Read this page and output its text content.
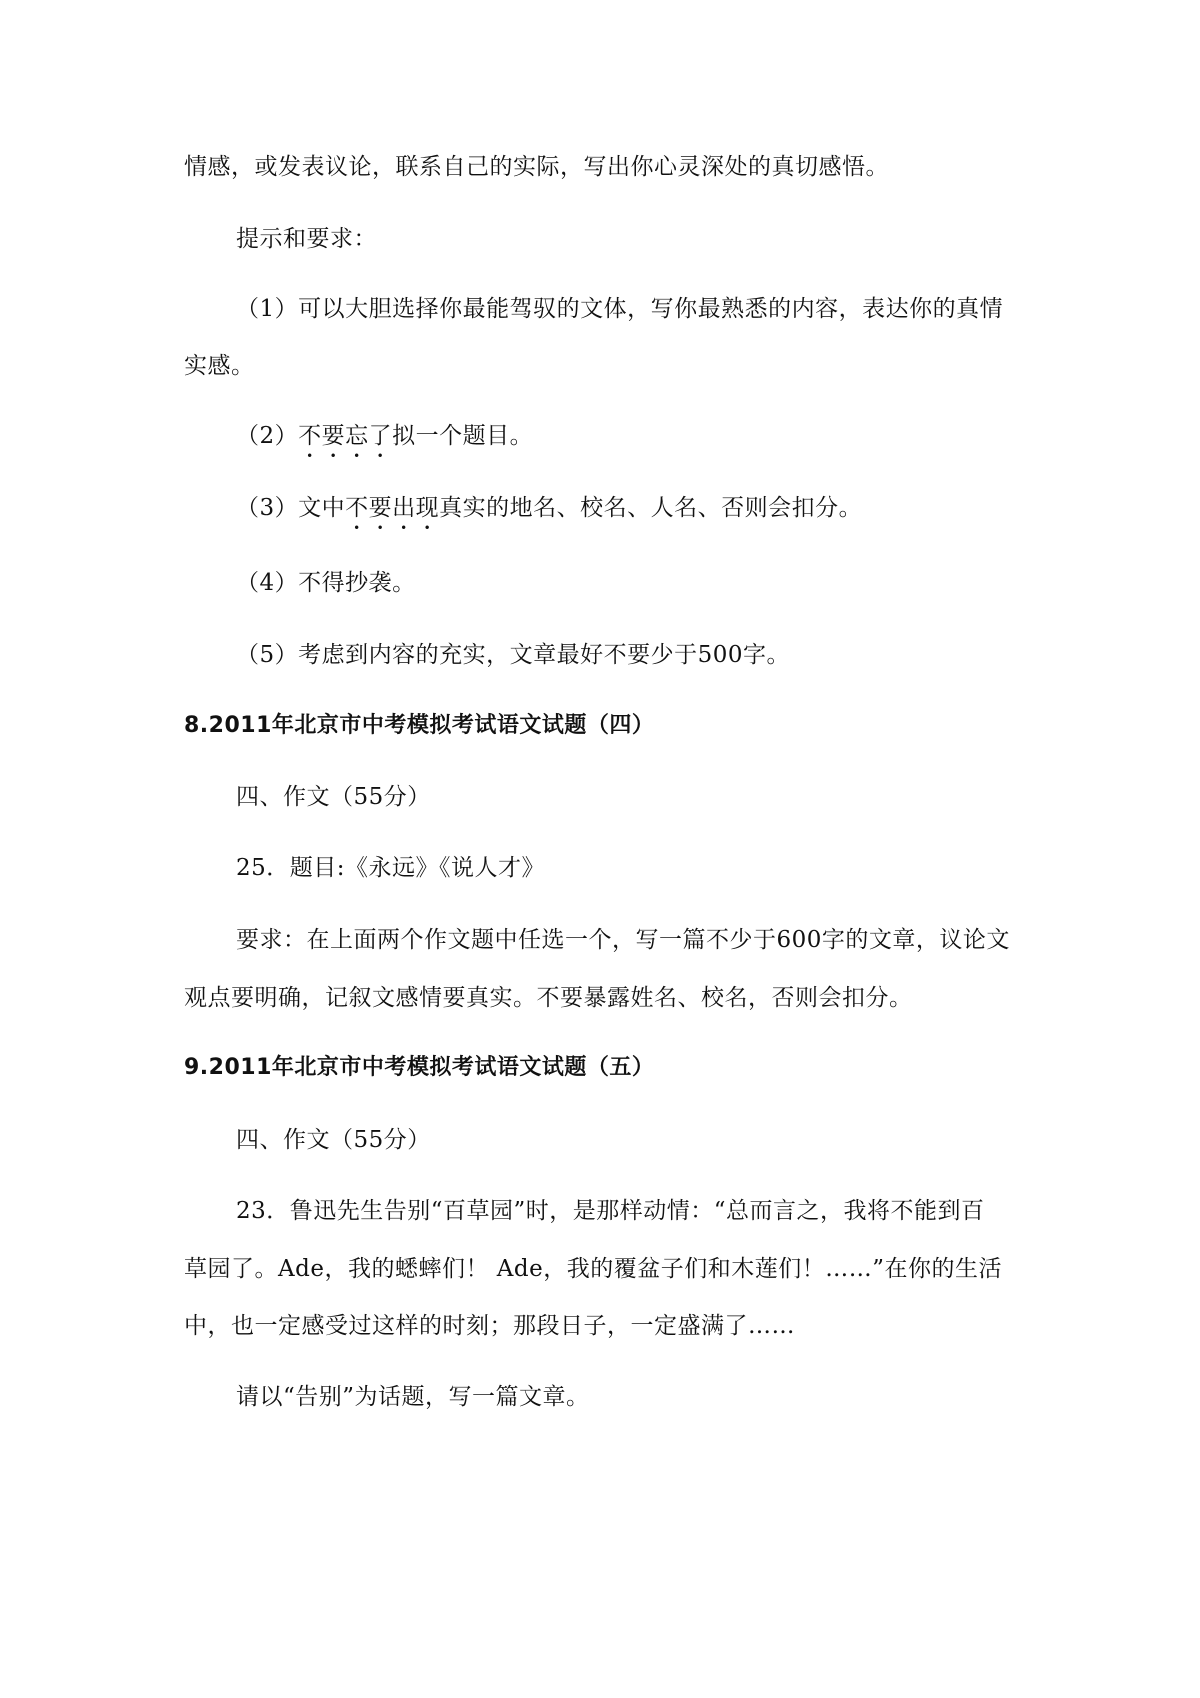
情感，或发表议论，联系自己的实际，写出你心灵深处的真切感悟。
提示和要求：
（1）可以大胆选择你最能驾驭的文体，写你最熟悉的内容，表达你的真情
实感。
（2）不要忘了拟一个题目。
（3）文中不要出现真实的地名、校名、人名、否则会扣分。
（4）不得抄袭。
（5）考虑到内容的充实，文章最好不要少于500字。
8.2011年北京市中考模拟考试语文试题（四）
四、作文（55分）
25．题目:《永远》《说人才》
要求：在上面两个作文题中任选一个，写一篇不少于600字的文章，议论文
观点要明确，记叙文感情要真实。不要暴露姓名、校名，否则会扣分。
9.2011年北京市中考模拟考试语文试题（五）
四、作文（55分）
23．鲁迅先生告别“百草园”时，是那样动情：“总而言之，我将不能到百
草园了。Ade，我的蟋蟀们！ Ade，我的覆盆子们和木莲们！……”在你的生活
中，也一定感受过这样的时刻；那段日子，一定盛满了……
请以“告别”为话题，写一篇文章。
